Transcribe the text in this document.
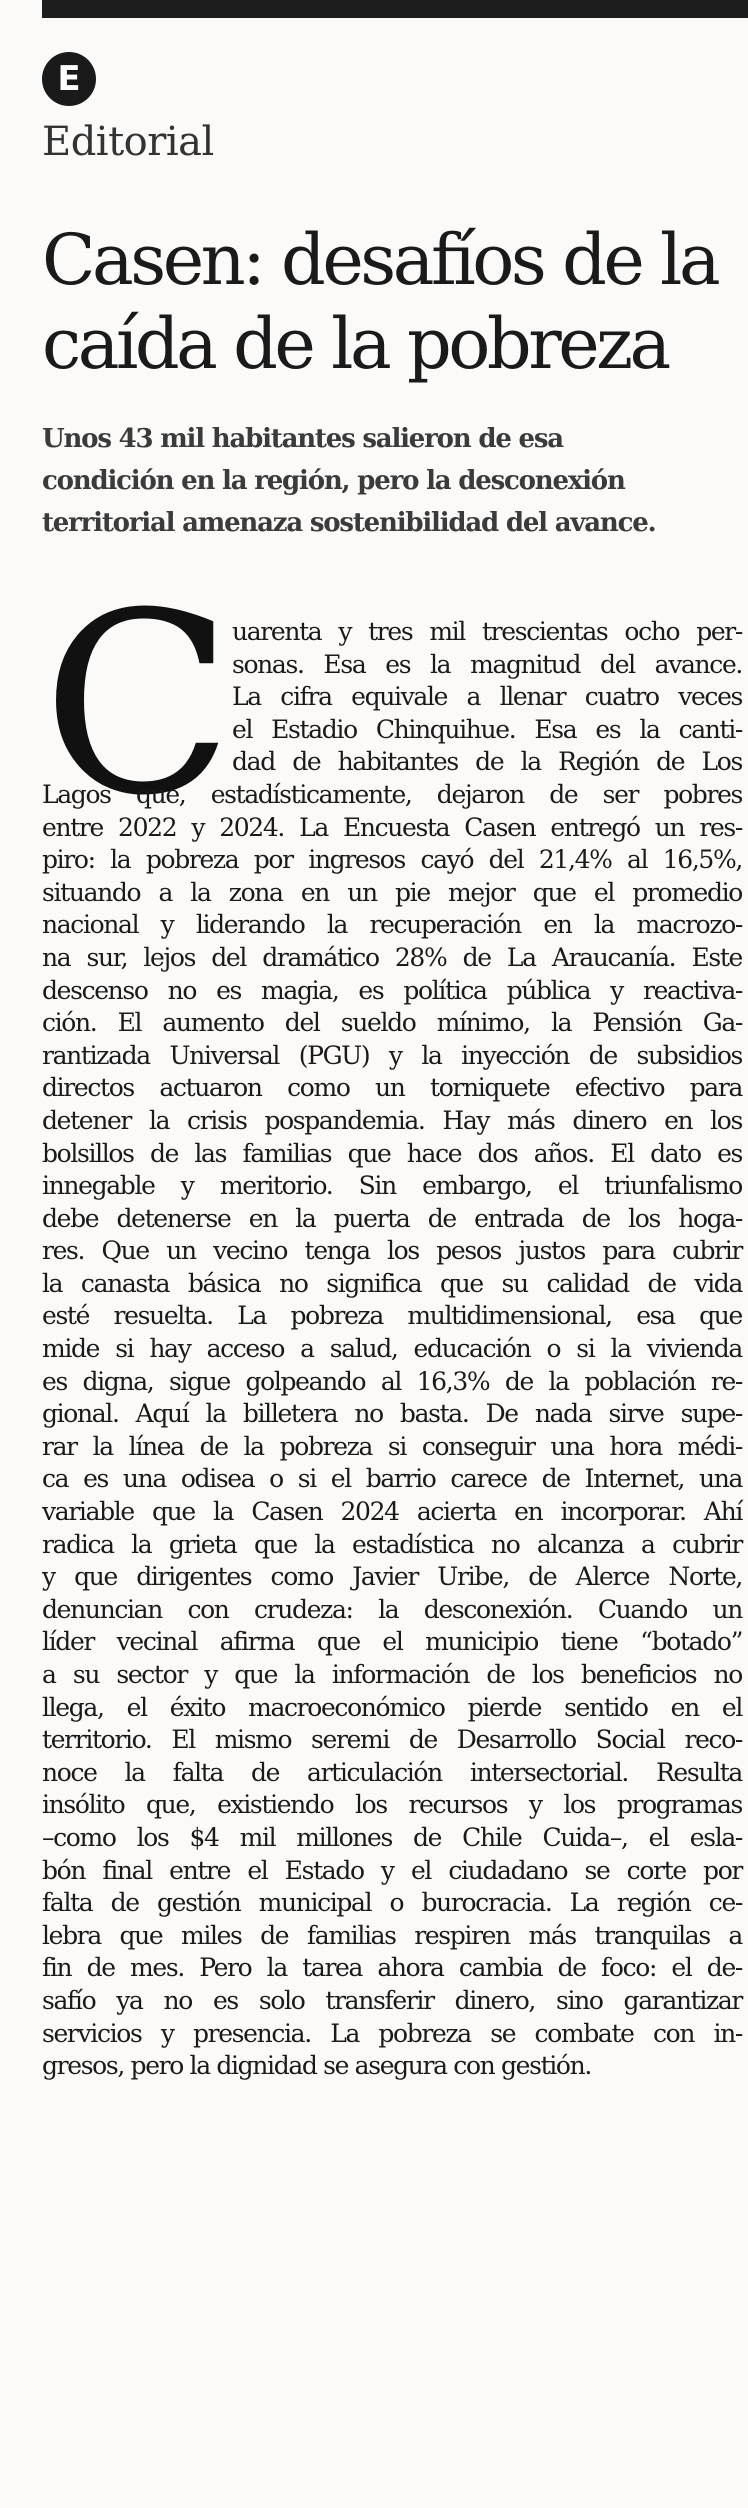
E
Editorial
Casen: desafíos de la
caída de la pobreza

Unos 43 mil habitantes salieron de esa
condición en la región, pero la desconexión
territorial amenaza sostenibilidad del avance.

C
uarenta y tres mil trescientas ocho per-
sonas. Esa es la magnitud del avance.
La cifra equivale a llenar cuatro veces
el Estadio Chinquihue. Esa es la canti-
dad de habitantes de la Región de Los
Lagos que, estadísticamente, dejaron de ser pobres
entre 2022 y 2024. La Encuesta Casen entregó un res-
piro: la pobreza por ingresos cayó del 21,4% al 16,5%,
situando a la zona en un pie mejor que el promedio
nacional y liderando la recuperación en la macrozo-
na sur, lejos del dramático 28% de La Araucanía. Este
descenso no es magia, es política pública y reactiva-
ción. El aumento del sueldo mínimo, la Pensión Ga-
rantizada Universal (PGU) y la inyección de subsidios
directos actuaron como un torniquete efectivo para
detener la crisis pospandemia. Hay más dinero en los
bolsillos de las familias que hace dos años. El dato es
innegable y meritorio. Sin embargo, el triunfalismo
debe detenerse en la puerta de entrada de los hoga-
res. Que un vecino tenga los pesos justos para cubrir
la canasta básica no significa que su calidad de vida
esté resuelta. La pobreza multidimensional, esa que
mide si hay acceso a salud, educación o si la vivienda
es digna, sigue golpeando al 16,3% de la población re-
gional. Aquí la billetera no basta. De nada sirve supe-
rar la línea de la pobreza si conseguir una hora médi-
ca es una odisea o si el barrio carece de Internet, una
variable que la Casen 2024 acierta en incorporar. Ahí
radica la grieta que la estadística no alcanza a cubrir
y que dirigentes como Javier Uribe, de Alerce Norte,
denuncian con crudeza: la desconexión. Cuando un
líder vecinal afirma que el municipio tiene “botado”
a su sector y que la información de los beneficios no
llega, el éxito macroeconómico pierde sentido en el
territorio. El mismo seremi de Desarrollo Social reco-
noce la falta de articulación intersectorial. Resulta
insólito que, existiendo los recursos y los programas
–como los $4 mil millones de Chile Cuida–, el esla-
bón final entre el Estado y el ciudadano se corte por
falta de gestión municipal o burocracia. La región ce-
lebra que miles de familias respiren más tranquilas a
fin de mes. Pero la tarea ahora cambia de foco: el de-
safío ya no es solo transferir dinero, sino garantizar
servicios y presencia. La pobreza se combate con in-
gresos, pero la dignidad se asegura con gestión.
